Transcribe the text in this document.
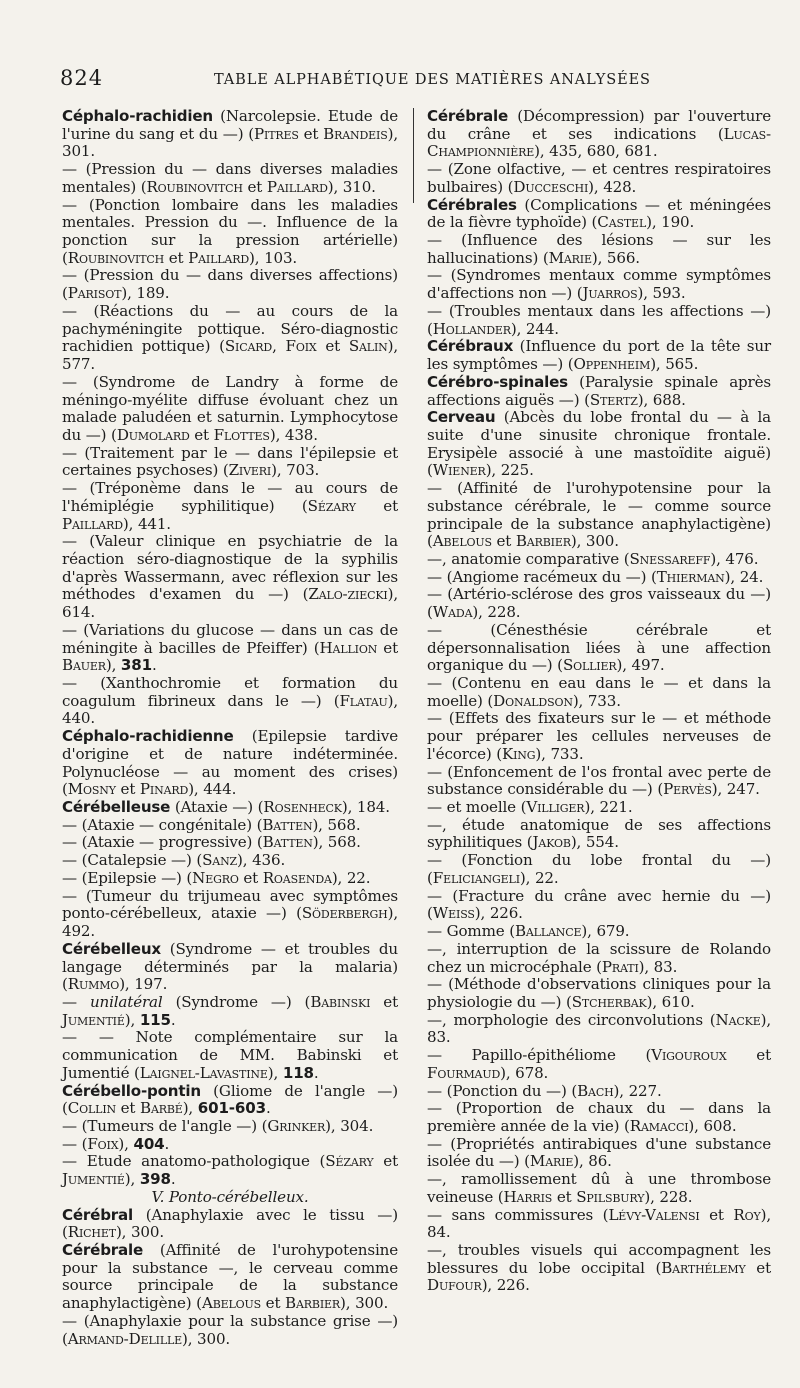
824	TABLE ALPHABÉTIQUE DES MATIÈRES ANALYSÉES
Céphalo-rachidien (Narcolepsie. Etude de l'urine du sang et du —) (Pitres et Brandeis), 301.
— (Pression du — dans diverses maladies mentales) (Roubinovitch et Paillard), 310.
— (Ponction lombaire dans les maladies mentales. Pression du —. Influence de la ponction sur la pression artérielle) (Roubinovitch et Paillard), 103.
— (Pression du — dans diverses affections) (Parisot), 189.
— (Réactions du — au cours de la pachyméningite pottique. Séro-diagnostic rachidien pottique) (Sicard, Foix et Salin), 577.
— (Syndrome de Landry à forme de méningo-myélite diffuse évoluant chez un malade paludéen et saturnin. Lymphocytose du —) (Dumolard et Flottes), 438.
— (Traitement par le — dans l'épilepsie et certaines psychoses) (Ziveri), 703.
— (Tréponème dans le — au cours de l'hémiplégie syphilitique) (Sézary et Paillard), 441.
— (Valeur clinique en psychiatrie de la réaction séro-diagnostique de la syphilis d'après Wassermann, avec réflexion sur les méthodes d'examen du —) (Zalo-ziecki), 614.
— (Variations du glucose — dans un cas de méningite à bacilles de Pfeiffer) (Hallion et Bauer), 381.
— (Xanthochromie et formation du coagulum fibrineux dans le —) (Flatau), 440.
Céphalo-rachidienne (Epilepsie tardive d'origine et de nature indéterminée. Polynucléose — au moment des crises) (Mosny et Pinard), 444.
Cérébelleuse (Ataxie —) (Rosenheck), 184.
— (Ataxie — congénitale) (Batten), 568.
— (Ataxie — progressive) (Batten), 568.
— (Catalepsie —) (Sanz), 436.
— (Epilepsie —) (Negro et Roasenda), 22.
— (Tumeur du trijumeau avec symptômes ponto-cérébelleux, ataxie —) (Söderbergh), 492.
Cérébelleux (Syndrome — et troubles du langage déterminés par la malaria) (Rummo), 197.
— unilatéral (Syndrome —) (Babinski et Jumentié), 115.
— — Note complémentaire sur la communication de MM. Babinski et Jumentié (Laignel-Lavastine), 118.
Cérébello-pontin (Gliome de l'angle —) (Collin et Barbé), 601-603.
— (Tumeurs de l'angle —) (Grinker), 304.
— (Foix), 404.
— Etude anatomo-pathologique (Sézary et Jumentié), 398.
V. Ponto-cérébelleux.
Cérébral (Anaphylaxie avec le tissu —) (Richet), 300.
Cérébrale (Affinité de l'urohypotensine pour la substance —, le cerveau comme source principale de la substance anaphylactigène) (Abelous et Barbier), 300.
— (Anaphylaxie pour la substance grise —) (Armand-Delille), 300.
Cérébrale (Décompression) par l'ouverture du crâne et ses indications (Lucas-Championnière), 435, 680, 681.
— (Zone olfactive, — et centres respiratoires bulbaires) (Ducceschi), 428.
Cérébrales (Complications — et méningées de la fièvre typhoïde) (Castel), 190.
— (Influence des lésions — sur les hallucinations) (Marie), 566.
— (Syndromes mentaux comme symptômes d'affections non —) (Juarros), 593.
— (Troubles mentaux dans les affections —) (Hollander), 244.
Cérébraux (Influence du port de la tête sur les symptômes —) (Oppenheim), 565.
Cérébro-spinales (Paralysie spinale après affections aiguës —) (Stertz), 688.
Cerveau (Abcès du lobe frontal du — à la suite d'une sinusite chronique frontale. Erysipèle associé à une mastoïdite aiguë) (Wiener), 225.
— (Affinité de l'urohypotensine pour la substance cérébrale, le — comme source principale de la substance anaphylactigène) (Abelous et Barbier), 300.
—, anatomie comparative (Snessareff), 476.
— (Angiome racémeux du —) (Thierman), 24.
— (Artério-sclérose des gros vaisseaux du —) (Wada), 228.
— (Cénesthésie cérébrale et dépersonnalisation liées à une affection organique du —) (Sollier), 497.
— (Contenu en eau dans le — et dans la moelle) (Donaldson), 733.
— (Effets des fixateurs sur le — et méthode pour préparer les cellules nerveuses de l'écorce) (King), 733.
— (Enfoncement de l'os frontal avec perte de substance considérable du —) (Pervès), 247.
— et moelle (Villiger), 221.
—, étude anatomique de ses affections syphilitiques (Jakob), 554.
— (Fonction du lobe frontal du —) (Feliciangeli), 22.
— (Fracture du crâne avec hernie du —) (Weiss), 226.
— Gomme (Ballance), 679.
—, interruption de la scissure de Rolando chez un microcéphale (Prati), 83.
— (Méthode d'observations cliniques pour la physiologie du —) (Stcherbak), 610.
—, morphologie des circonvolutions (Nacke), 83.
— Papillo-épithéliome (Vigouroux et Fourmaud), 678.
— (Ponction du —) (Bach), 227.
— (Proportion de chaux du — dans la première année de la vie) (Ramacci), 608.
— (Propriétés antirabiques d'une substance isolée du —) (Marie), 86.
—, ramollissement dû à une thrombose veineuse (Harris et Spilsbury), 228.
— sans commissures (Lévy-Valensi et Roy), 84.
—, troubles visuels qui accompagnent les blessures du lobe occipital (Barthélemy et Dufour), 226.
